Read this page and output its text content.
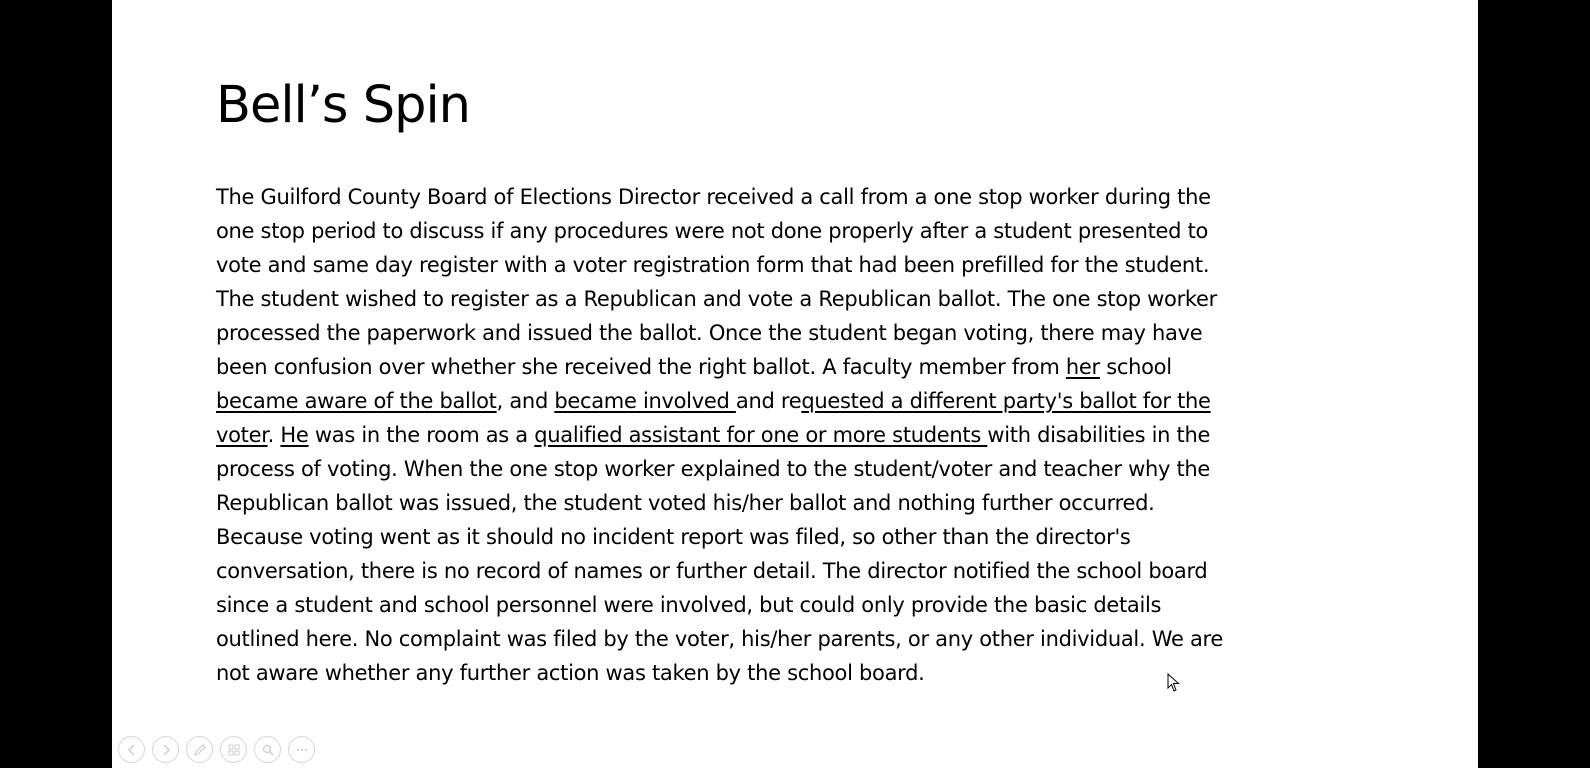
Bell’s Spin

The Guilford County Board of Elections Director received a call from a one stop worker during the
one stop period to discuss if any procedures were not done properly after a student presented to
vote and same day register with a voter registration form that had been prefilled for the student.
The student wished to register as a Republican and vote a Republican ballot. The one stop worker
processed the paperwork and issued the ballot. Once the student began voting, there may have
been confusion over whether she received the right ballot. A faculty member from her school
became aware of the ballot, and became involved and requested a different party's ballot for the
voter. He was in the room as a qualified assistant for one or more students with disabilities in the
process of voting. When the one stop worker explained to the student/voter and teacher why the
Republican ballot was issued, the student voted his/her ballot and nothing further occurred.
Because voting went as it should no incident report was filed, so other than the director's
conversation, there is no record of names or further detail. The director notified the school board
since a student and school personnel were involved, but could only provide the basic details
outlined here. No complaint was filed by the voter, his/her parents, or any other individual. We are
not aware whether any further action was taken by the school board.
